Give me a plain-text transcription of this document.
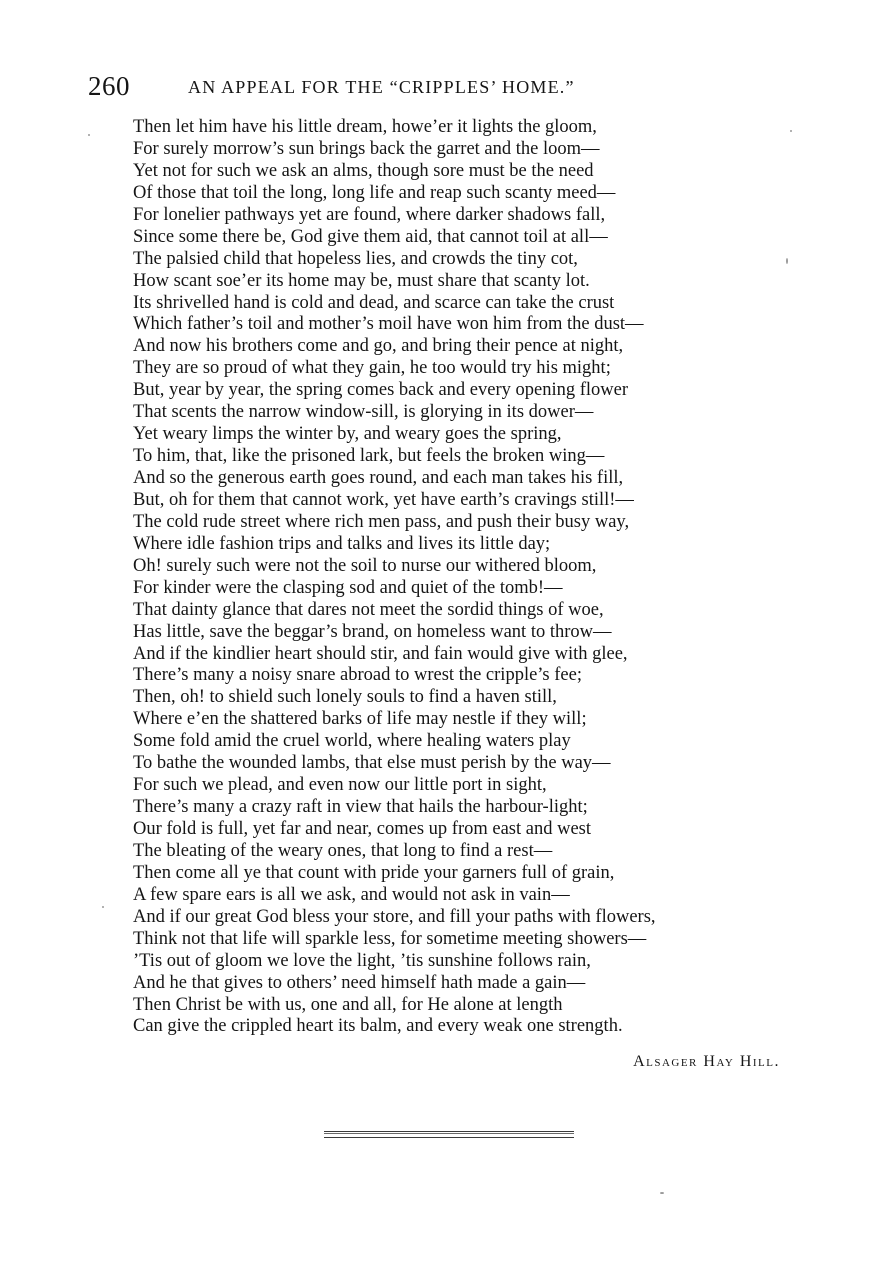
260	AN APPEAL FOR THE “CRIPPLES’ HOME.”
Then let him have his little dream, howe’er it lights the gloom,
For surely morrow’s sun brings back the garret and the loom—
Yet not for such we ask an alms, though sore must be the need
Of those that toil the long, long life and reap such scanty meed—
For lonelier pathways yet are found, where darker shadows fall,
Since some there be, God give them aid, that cannot toil at all—
The palsied child that hopeless lies, and crowds the tiny cot,
How scant soe’er its home may be, must share that scanty lot.
Its shrivelled hand is cold and dead, and scarce can take the crust
Which father’s toil and mother’s moil have won him from the dust—
And now his brothers come and go, and bring their pence at night,
They are so proud of what they gain, he too would try his might;
But, year by year, the spring comes back and every opening flower
That scents the narrow window-sill, is glorying in its dower—
Yet weary limps the winter by, and weary goes the spring,
To him, that, like the prisoned lark, but feels the broken wing—
And so the generous earth goes round, and each man takes his fill,
But, oh for them that cannot work, yet have earth’s cravings still!—
The cold rude street where rich men pass, and push their busy way,
Where idle fashion trips and talks and lives its little day;
Oh! surely such were not the soil to nurse our withered bloom,
For kinder were the clasping sod and quiet of the tomb!—
That dainty glance that dares not meet the sordid things of woe,
Has little, save the beggar’s brand, on homeless want to throw—
And if the kindlier heart should stir, and fain would give with glee,
There’s many a noisy snare abroad to wrest the cripple’s fee;
Then, oh! to shield such lonely souls to find a haven still,
Where e’en the shattered barks of life may nestle if they will;
Some fold amid the cruel world, where healing waters play
To bathe the wounded lambs, that else must perish by the way—
For such we plead, and even now our little port in sight,
There’s many a crazy raft in view that hails the harbour-light;
Our fold is full, yet far and near, comes up from east and west
The bleating of the weary ones, that long to find a rest—
Then come all ye that count with pride your garners full of grain,
A few spare ears is all we ask, and would not ask in vain—
And if our great God bless your store, and fill your paths with flowers,
Think not that life will sparkle less, for sometime meeting showers—
’Tis out of gloom we love the light, ’tis sunshine follows rain,
And he that gives to others’ need himself hath made a gain—
Then Christ be with us, one and all, for He alone at length
Can give the crippled heart its balm, and every weak one strength.
Alsager Hay Hill.
